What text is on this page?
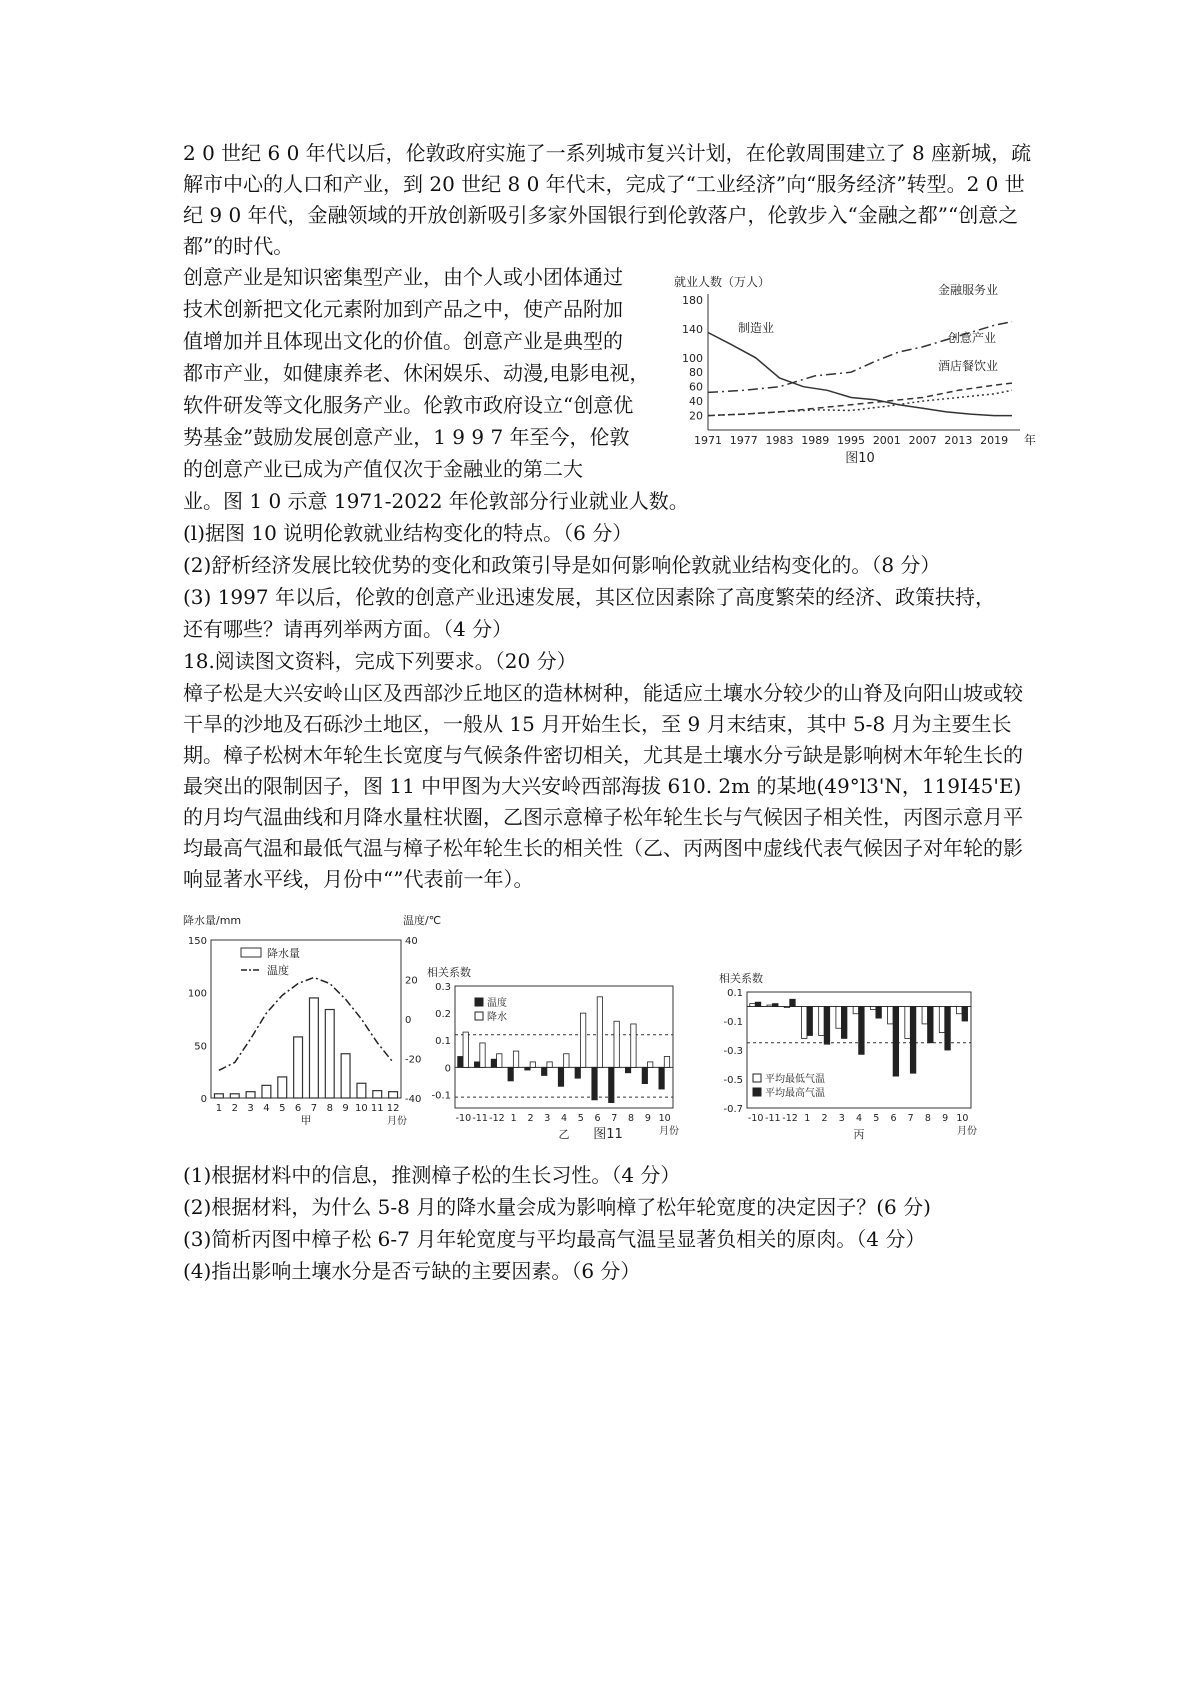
2 0 世纪 6 0 年代以后，伦敦政府实施了一系列城市复兴计划，在伦敦周围建立了 8 座新城，疏解市中心的人口和产业，到 20 世纪 8 0 年代末，完成了“工业经济”向“服务经济”转型。2 0 世纪 9 0 年代，金融领域的开放创新吸引多家外国银行到伦敦落户，伦敦步入“金融之都”“创意之都”的时代。

创意产业是知识密集型产业，由个人或小团体通过
技术创新把文化元素附加到产品之中，使产品附加
值增加并且体现出文化的价值。创意产业是典型的
都市产业，如健康养老、休闲娱乐、动漫,电影电视，
软件研发等文化服务产业。伦敦市政府设立“创意优
势基金”鼓励发展创意产业，1 9 9 7 年至今，伦敦
的创意产业已成为产值仅次于金融业的第二大
业。图 1 0 示意 1971-2022 年伦敦部分行业就业人数。
就业人数（万人）
20
40
60
80
100
140
180
1971 1977 1983 1989 1995 2001 2007 2013 2019 年
制造业
金融服务业
创意产业
酒店餐饮业
图10
(l)据图 10 说明伦敦就业结构变化的特点。（6 分）
(2)舒析经济发展比较优势的变化和政策引导是如何影响伦敦就业结构变化的。（8 分）
(3) 1997 年以后，伦敦的创意产业迅速发展，其区位因素除了高度繁荣的经济、政策扶持，
还有哪些？请再列举两方面。（4 分）
18.阅读图文资料，完成下列要求。（20 分）

樟子松是大兴安岭山区及西部沙丘地区的造林树种，能适应土壤水分较少的山脊及向阳山坡或较干旱的沙地及石砾沙土地区，一般从 15 月开始生长，至 9 月末结束，其中 5-8 月为主要生长期。樟子松树木年轮生长宽度与气候条件密切相关，尤其是土壤水分亏缺是影响树木年轮生长的最突出的限制因子，图 11 中甲图为大兴安岭西部海拔 610. 2m 的某地(49°l3'N，119I45'E)的月均气温曲线和月降水量柱状圈，乙图示意樟子松年轮生长与气候因子相关性，丙图示意月平均最高气温和最低气温与樟子松年轮生长的相关性（乙、丙两图中虚线代表气候因子对年轮的影响显著水平线，月份中“”代表前一年）。

降水量/mm	温度/℃
0
50
100
150
-40
-20
0
20
40
1 2 3 4 5 6 7 8 9 10 11 12
月份
甲
降水量
温度	相关系数
-0.1
0
0.1
0.2
0.3
-10 -11 -12 1 2 3 4 5 6 7 8 9 10
月份
乙
温度
降水
相关系数
0.1
-0.1
-0.3
-0.5
-0.7
-10 -11 -12 1 2 3 4 5 6 7 8 9 10
月份
丙
平均最低气温
平均最高气温
图11
(1)根据材料中的信息，推测樟子松的生长习性。（4 分）
(2)根据材料，为什么 5-8 月的降水量会成为影响樟了松年轮宽度的决定因子？(6 分)
(3)简析丙图中樟子松 6-7 月年轮宽度与平均最高气温呈显著负相关的原肉。（4 分）
(4)指出影响土壤水分是否亏缺的主要因素。（6 分）
